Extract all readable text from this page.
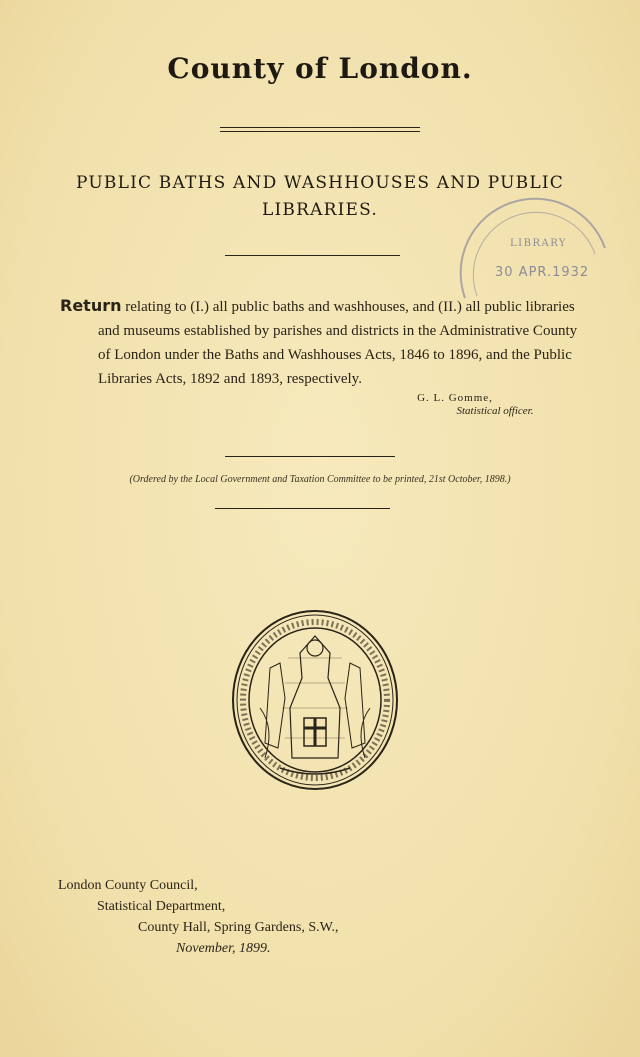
County of London.
PUBLIC BATHS AND WASHHOUSES AND PUBLIC
LIBRARIES.
LIBRARY
30 APR.1932
Return relating to (I.) all public baths and washhouses, and (II.) all public libraries
and museums established by parishes and districts in the Administrative County
of London under the Baths and Washhouses Acts, 1846 to 1896, and the Public
Libraries Acts, 1892 and 1893, respectively.
G. L. Gomme,
Statistical officer.
(Ordered by the Local Government and Taxation Committee to be printed, 21st October, 1898.)
London County Council,
Statistical Department,
County Hall, Spring Gardens, S.W.,
November, 1899.
